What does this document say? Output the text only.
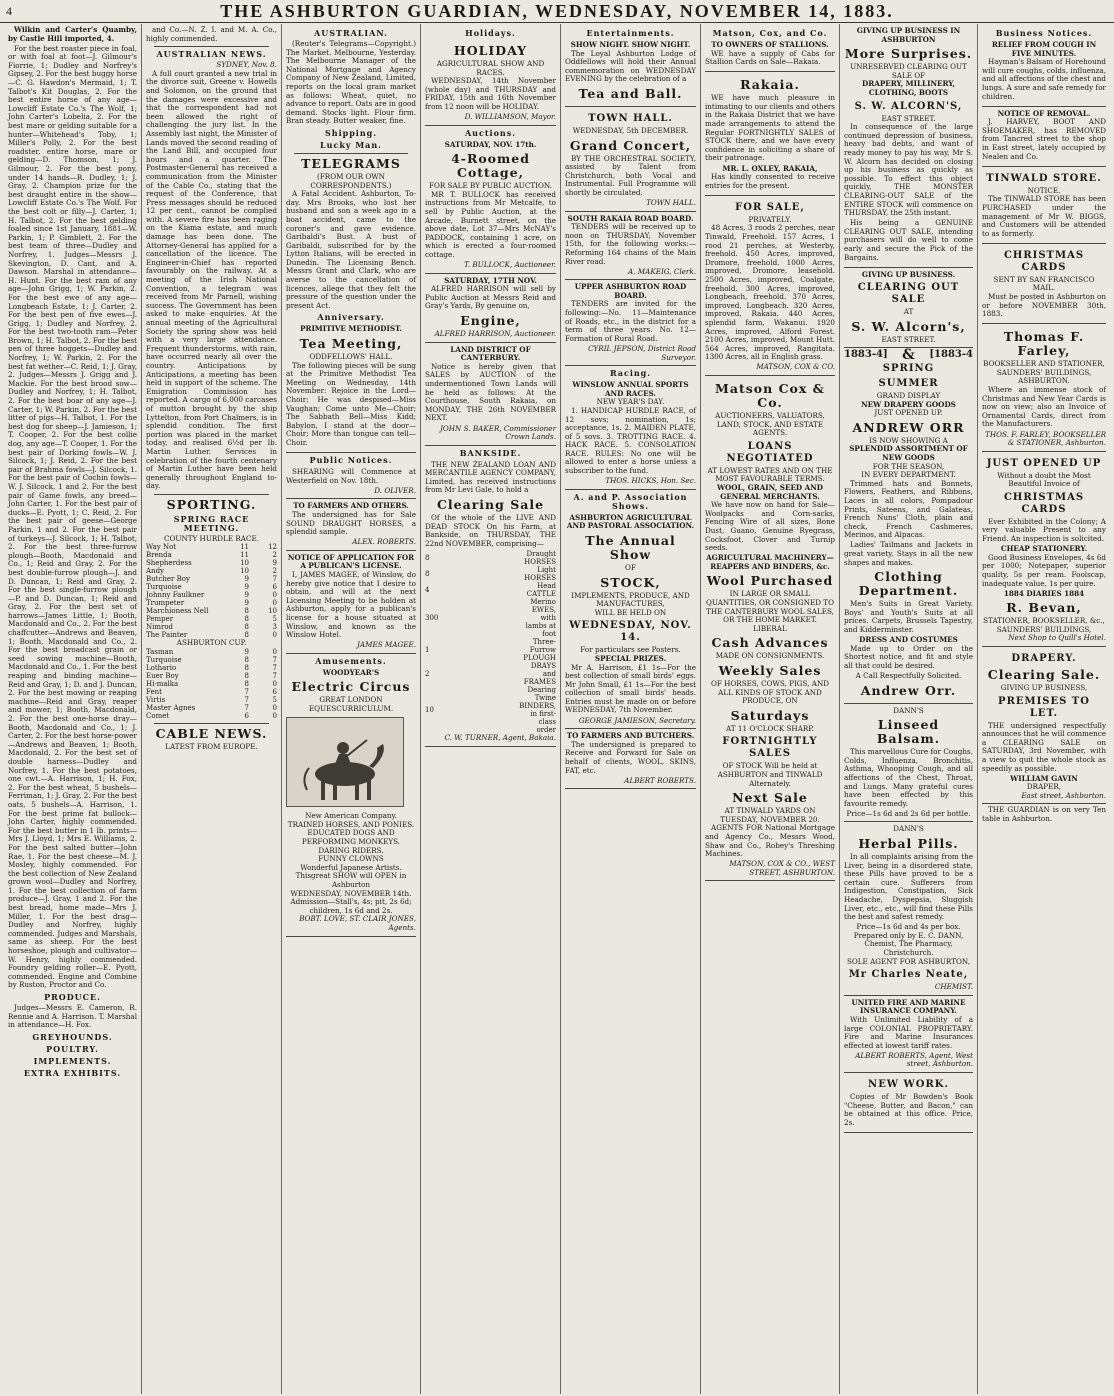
4	THE ASHBURTON GUARDIAN, WEDNESDAY, NOVEMBER 14, 1883.
Wilkin and Carter's Quamby, by Castle Hill imported, 4.
For the best roaster piece in foal, or with foal at foot—J. Gilmour's Fiorrie, 1; Dudley and Norfrey's Gipsey, 2. For the best buggy horse—C. G. Hawdon's Mermaid, 1; T. Talbot's Kit Douglas, 2. For the best entire horse of any age—Lowcliff Estate Co.'s The Wolf, 1; John Carter's Lobelia, 2. For the best mare or gelding suitable for a hunter—Whitehead's Toby, 1; Miller's Polly, 2. For the best roadster, entire horse, mare or gelding—D. Thomson, 1; J. Gilmour, 2. For the best pony, under 14 hands—R. Dudley, 1; J. Gray, 2. Champion prize for the best draught entire in the show—Lowcliff Estate Co.'s The Wolf. For the best colt or filly—J. Carter, 1; H. Talbot, 2. For the best gelding foaled since 1st January, 1881—W. Parkin, 1; P. Gimblett, 2. For the best team of three—Dudley and Norfrey, 1. Judges—Messrs J. Skevington, D. Cant, and A. Dawson. Marshal in attendance—H. Hunt. For the best ram of any age—John Grigg, 1; W. Parkin, 2. For the best ewe of any age—Longbeach Estate, 1; J. Carter, 2. For the best pen of five ewes—J. Grigg, 1; Dudley and Norfrey, 2. For the best two-tooth ram—Peter Brown, 1; H. Talbot, 2. For the best pen of three hoggets—Dudley and Norfrey, 1; W. Parkin, 2. For the best fat wether—C. Reid, 1; J. Gray, 2. Judges—Messrs J. Grigg and J. Mackie. For the best brood sow—Dudley and Norfrey, 1; H. Talbot, 2. For the best boar of any age—J. Carter, 1; W. Parkin, 2. For the best litter of pigs—H. Talbot, 1. For the best dog for sheep—J. Jamieson, 1; T. Cooper, 2. For the best collie dog, any age—T. Cooper, 1. For the best pair of Dorking fowls—W. J. Silcock, 1; J. Reid, 2. For the best pair of Brahma fowls—J. Silcock, 1. For the best pair of Cochin fowls—W. J. Silcock, 1 and 2. For the best pair of Game fowls, any breed—John Carter, 1. For the best pair of ducks—E. Pyott, 1; C. Reid, 2. For the best pair of geese—George Parkin, 1 and 2. For the best pair of turkeys—J. Silcock, 1; H. Talbot, 2. For the best three-furrow plough—Booth, Macdonald and Co., 1; Reid and Gray, 2. For the best double-furrow plough—J. and D. Duncan, 1; Reid and Gray, 2. For the best single-furrow plough—P. and D. Duncan, 1; Reid and Gray, 2. For the best set of harrows—James Little, 1; Booth, Macdonald and Co., 2. For the best chaffcutter—Andrews and Beaven, 1; Booth, Macdonald and Co., 2. For the best broadcast grain or seed sowing machine—Booth, Macdonald and Co., 1. For the best reaping and binding machine—Reid and Gray, 1; D. and J. Duncan, 2. For the best mowing or reaping machine—Reid and Gray, reaper and mower, 1; Booth, Macdonald, 2. For the best one-horse dray—Booth, Macdonald and Co., 1; J. Carter, 2. For the best horse-power—Andrews and Beaven, 1; Booth, Macdonald, 2. For the best set of double harness—Dudley and Norfrey, 1. For the best potatoes, one cwt.—A. Harrison, 1; H. Fox, 2. For the best wheat, 5 bushels—Ferriman, 1; J. Gray, 2. For the best oats, 5 bushels—A. Harrison, 1. For the best prime fat bullock—John Carter, highly commended. For the best butter in 1 lb. prints—Mrs J. Lloyd, 1; Mrs E. Williams, 2. For the best salted butter—John Rae, 1. For the best cheese—M. J. Mosley, highly commended. For the best collection of New Zealand grown wool—Dudley and Norfrey, 1. For the best collection of farm produce—J. Gray, 1 and 2. For the best bread, home made—Mrs J. Miller, 1. For the best drag—Dudley and Norfrey, highly commended. Judges and Marshals, same as sheep. For the best horseshoe, plough and cultivator—W. Henry, highly commended. Foundry gelding roller—E. Pyott, commended. Engine and Combine by Ruston, Proctor and Co.
PRODUCE.
Judges—Messrs E. Cameron, R. Rennie and A. Harrison. T. Marshal in attendance—H. Fox.
GREYHOUNDS.
POULTRY.
IMPLEMENTS.
EXTRA EXHIBITS.
and Co.—N. Z. I. and M. A. Co., highly commended.
AUSTRALIAN NEWS.
SYDNEY, Nov. 8.
A full court granted a new trial in the divorce suit, Greene v. Howells and Solomon, on the ground that the damages were excessive and that the correspondent had not been allowed the right of challenging the jury list. In the Assembly last night, the Minister of Lands moved the second reading of the Land Bill, and occupied four hours and a quarter. The Postmaster-General has received a communication from the Minister of the Cable Co., stating that the request of the Conference, that Press messages should be reduced 12 per cent., cannot be complied with. A severe fire has been raging on the Kiama estate, and much damage has been done. The Attorney-General has applied for a cancellation of the licence. The Engineer-in-Chief has reported favourably on the railway. At a meeting of the Irish National Convention, a telegram was received from Mr Parnell, wishing success. The Government has been asked to make enquiries. At the annual meeting of the Agricultural Society the spring show was held with a very large attendance. Frequent thunderstorms, with rain, have occurred nearly all over the country. Anticipations by Anticipations, a meeting has been held in support of the scheme. The Emigration Commission has reported. A cargo of 6,000 carcases of mutton brought by the ship Lyttelton, from Port Chalmers, is in splendid condition. The first portion was placed in the market today, and realised 6½d per lb. Martin Luther. Services in celebration of the fourth centenary of Martin Luther have been held generally throughout England to-day.
SPORTING.
SPRING RACE MEETING.
COUNTY HURDLE RACE.
Way Not	11	12
Brenda	11	2
Shepherdess	10	9
Andy	10	2
Butcher Boy	9	7
Turquoise	9	6
Johnny Faulkner	9	0
Trumpeter	9	0
Marchioness Nell	8	10
Pemper	8	5
Nimrod	8	3
The Painter	8	0
ASHBURTON CUP.
Tasman	9	0
Turquoise	8	7
Lothario	8	7
Euer Boy	8	7
Hi-malka	8	0
Fent	7	6
Virtis	7	5
Master Agnes	7	0
Comet	6	0
CABLE NEWS.
LATEST FROM EUROPE.
AUSTRALIAN.
(Reuter's Telegrams—Copyright.) The Market. Melbourne, Yesterday. The Melbourne Manager of the National Mortgage and Agency Company of New Zealand, Limited, reports on the local grain market as follows: Wheat, quiet, no advance to report. Oats are in good demand. Stocks light. Flour firm. Bran steady. Butter weaker, fine.
Shipping.
Lucky Man.
TELEGRAMS
(FROM OUR OWN CORRESPONDENTS.)
A Fatal Accident. Ashburton, To-day. Mrs Brooks, who lost her husband and son a week ago in a boat accident, came to the coroner's and gave evidence. Garibaldi's Bust. A bust of Garibaldi, subscribed for by the Lytton Italians, will be erected in Dunedin. The Licensing Bench. Messrs Grant and Clark, who are averse to the cancellation of licences, allege that they felt the pressure of the question under the present Act.
Anniversary.
PRIMITIVE METHODIST.
Tea Meeting,
ODDFELLOWS' HALL.
The following pieces will be sung at the Primitive Methodist Tea Meeting on Wednesday, 14th November: Rejoice in the Lord—Choir; He was despised—Miss Vaughan; Come unto Me—Choir; The Sabbath Bell—Miss Kidd; Babylon, I stand at the door—Choir; More than tongue can tell—Choir.
Public Notices.
SHEARING will Commence at Westerfield on Nov. 18th.
D. OLIVER.
TO FARMERS AND OTHERS.
The undersigned has for Sale SOUND DRAUGHT HORSES, a splendid sample.
ALEX. ROBERTS.
NOTICE OF APPLICATION FOR A PUBLICAN'S LICENSE.
I, JAMES MAGEE, of Winslow, do hereby give notice that I desire to obtain, and will at the next Licensing Meeting to be holden at Ashburton, apply for a publican's license for a house situated at Winslow, and known as the Winslow Hotel.
JAMES MAGEE.
Amusements.
WOODYEAR'S
Electric Circus
GREAT LONDON EQUESCURRICULUM.
New American Company.
TRAINED HORSES, AND PONIES.
EDUCATED DOGS AND PERFORMING MONKEYS.
DARING RIDERS.
FUNNY CLOWNS
Wonderful Japanese Artists.
Thisgreat SHOW will OPEN in Ashburton
WEDNESDAY, NOVEMBER 14th.
Admission—Stall's, 4s; pit, 2s 6d; children, 1s 6d and 2s.
BOBT. LOVE, ST. CLAIR JONES, Agents.
Holidays.
HOLIDAY
AGRICULTURAL SHOW AND RACES.
WEDNESDAY, 14th November (whole day) and THURSDAY and FRIDAY, 15th and 16th November from 12 noon will be HOLIDAY.
D. WILLIAMSON, Mayor.
Auctions.
SATURDAY, NOV. 17th.
4-Roomed Cottage,
FOR SALE BY PUBLIC AUCTION.
MR T. BULLOCK has received instructions from Mr Metcalfe, to sell by Public Auction, at the Arcade, Burnett street, on the above date, Lot 37—Mrs McNAY's PADDOCK, containing 1 acre, on which is erected a four-roomed cottage.
T. BULLOCK, Auctioneer.
SATURDAY, 17TH NOV.
ALFRED HARRISON will sell by Public Auction at Messrs Reid and Gray's Yards, By genuine on,
Engine,
ALFRED HARRISON, Auctioneer.
LAND DISTRICT OF CANTERBURY.
Notice is hereby given that SALES by AUCTION of the undermentioned Town Lands will be held as follows: At the Courthouse, South Rakaia, on MONDAY, THE 26th NOVEMBER NEXT.
JOHN S. BAKER, Commissioner Crown Lands.
BANKSIDE.
THE NEW ZEALAND LOAN AND MERCANTILE AGENCY COMPANY, Limited, has received instructions from Mr Levi Gale, to hold a
Clearing Sale
Of the whole of the LIVE AND DEAD STOCK On his Farm, at Bankside, on THURSDAY, THE 22nd NOVEMBER, comprising—
8	Draught HORSES
8	Light HORSES
4	Head CATTLE
300	Merino EWES, with lambs at foot
1	Three-Furrow PLOUGH
2	DRAYS and FRAMES
10	Dearing Twine BINDERS, in first-class order
C. W. TURNER, Agent, Bakaia.
Entertainments.
SHOW NIGHT. SHOW NIGHT.
The Loyal Ashburton Lodge of Oddfellows will hold their Annual commemoration on WEDNESDAY EVENING by the celebration of a
Tea and Ball.
TOWN HALL.
WEDNESDAY, 5th DECEMBER.
Grand Concert,
BY THE ORCHESTRAL SOCIETY, assisted by Talent from Christchurch, both Vocal and Instrumental. Full Programme will shortly be circulated.
TOWN HALL.
SOUTH RAKAIA ROAD BOARD.
TENDERS will be received up to noon on THURSDAY, November 15th, for the following works:—Reforming 164 chains of the Main River road.
A. MAKEIG, Clerk.
UPPER ASHBURTON ROAD BOARD.
TENDERS are invited for the following:—No. 11—Maintenance of Roads, etc., in the district for a term of three years. No. 12—Formation of Rural Road.
CYRIL JEPSON, District Road Surveyor.
Racing.
WINSLOW ANNUAL SPORTS AND RACES.
NEW YEAR'S DAY.
1. HANDICAP HURDLE RACE, of 12 sovs; nomination, 1s; acceptance, 1s. 2. MAIDEN PLATE, of 5 sovs. 3. TROTTING RACE. 4. HACK RACE. 5. CONSOLATION RACE. RULES: No one will be allowed to enter a horse unless a subscriber to the fund.
THOS. HICKS, Hon. Sec.
A. and P. Association Shows.
ASHBURTON AGRICULTURAL AND PASTORAL ASSOCIATION.
The Annual Show
OF
STOCK,
IMPLEMENTS, PRODUCE, AND MANUFACTURES,
WILL BE HELD ON
WEDNESDAY, NOV. 14.
For particulars see Posters.
SPECIAL PRIZES.
Mr A. Harrison, £1 1s—For the best collection of small birds' eggs. Mr John Small, £1 1s—For the best collection of small birds' heads. Entries must be made on or before WEDNESDAY, 7th November.
GEORGE JAMIESON, Secretary.
TO FARMERS AND BUTCHERS.
The undersigned is prepared to Receive and Forward for Sale on behalf of clients, WOOL, SKINS, FAT, etc.
ALBERT ROBERTS.
Matson, Cox, and Co.
TO OWNERS OF STALLIONS.
WE have a supply of Cabs for Stallion Cards on Sale—Rakaia.
Rakaia.
WE have much pleasure in intimating to our clients and others in the Rakaia District that we have made arrangements to attend the Regular FORTNIGHTLY SALES of STOCK there, and we have every confidence in soliciting a share of their patronage.
MR. L. OXLEY, RAKAIA,
Has kindly consented to receive entries for the present.
FOR SALE,
PRIVATELY.
48 Acres, 3 roods 2 perches, near Tinwald, Freehold. 157 Acres, 1 rood 21 perches, at Westerby, freehold. 450 Acres, improved, Dromore, freehold. 1000 Acres, improved, Dromore, leasehold. 2500 Acres, improved, Coalgate, freehold. 300 Acres, improved, Longbeach, freehold. 370 Acres, improved, Longbeach. 320 Acres, improved, Rakaia. 440 Acres, splendid farm, Wakanui. 1920 Acres, improved, Alford Forest. 2100 Acres, improved, Mount Hutt. 564 Acres, improved, Rangitata. 1300 Acres, all in English grass.
MATSON, COX & CO.
Matson Cox & Co.
AUCTIONEERS, VALUATORS, LAND, STOCK, AND ESTATE AGENTS.
LOANS NEGOTIATED
AT LOWEST RATES AND ON THE MOST FAVOURABLE TERMS.
WOOL, GRAIN, SEED AND GENERAL MERCHANTS.
We have now on hand for Sale—Woolpacks and Corn-sacks, Fencing Wire of all sizes, Bone Dust, Guano, Genuine Ryegrass, Cocksfoot, Clover and Turnip seeds.
AGRICULTURAL MACHINERY—REAPERS AND BINDERS, &c.
Wool Purchased
IN LARGE OR SMALL QUANTITIES, OR CONSIGNED TO THE CANTERBURY WOOL SALES, OR THE HOME MARKET.
LIBERAL
Cash Advances
MADE ON CONSIGNMENTS.
Weekly Sales
OF HORSES, COWS, PIGS, AND ALL KINDS OF STOCK AND PRODUCE, ON
Saturdays
AT 11 O'CLOCK SHARP.
FORTNIGHTLY SALES
OF STOCK Will be held at ASHBURTON and TINWALD Alternately.
Next Sale
AT TINWALD YARDS ON TUESDAY, NOVEMBER 20.
AGENTS FOR National Mortgage and Agency Co., Messrs Wood, Shaw and Co., Robey's Threshing Machines.
MATSON, COX & CO., WEST STREET, ASHBURTON.
GIVING UP BUSINESS IN ASHBURTON
More Surprises.
UNRESERVED CLEARING OUT SALE OF
DRAPERY, MILLINERY, CLOTHING, BOOTS
S. W. ALCORN'S,
EAST STREET.
In consequence of the large continued depression of business, heavy bad debts, and want of ready money to pay his way, Mr S. W. Alcorn has decided on closing up his business as quickly as possible. To effect this object quickly, THE MONSTER CLEARING-OUT SALE of the ENTIRE STOCK will commence on THURSDAY, the 25th instant.
His being a GENUINE CLEARING OUT SALE, intending purchasers will do well to come early and secure the Pick of the Bargains.
GIVING UP BUSINESS.
CLEARING OUT SALE
AT
S. W. Alcorn's,
EAST STREET.
1883-4] & [1883-4
SPRING
SUMMER
GRAND DISPLAY
NEW DRAPERY GOODS
JUST OPENED UP.
ANDREW ORR
IS NOW SHOWING A
SPLENDID ASSORTMENT OF NEW GOODS
FOR THE SEASON,
IN EVERY DEPARTMENT.
Trimmed hats and Bonnets, Flowers, Feathers, and Ribbons, Laces in all colors, Pompadour Prints, Sateens, and Galateas, French Nuns' Cloth, plain and check, French Cashmeres, Merinos, and Alpacas.
Ladies' Tailmans and Jackets in great variety, Stays in all the new shapes and makes.
Clothing Department.
Men's Suits in Great Variety. Boys' and Youth's Suits at all prices. Carpets, Brussels Tapestry, and Kidderminster.
DRESS AND COSTUMES
Made up to Order on the Shortest notice, and fit and style all that could be desired.
A Call Respectfully Solicited.
Andrew Orr.
DANN'S
Linseed Balsam.
This marvellous Cure for Coughs, Colds, Influenza, Bronchitis, Asthma, Whooping Cough, and all affections of the Chest, Throat, and Lungs. Many grateful cures have been effected by this favourite remedy.
Price—1s 6d and 2s 6d per bottle.
DANN'S
Herbal Pills.
In all complaints arising from the Liver, being in a disordered state, these Pills have proved to be a certain cure. Sufferers from Indigestion, Constipation, Sick Headache, Dyspepsia, Sluggish Liver, etc., etc., will find these Pills the best and safest remedy.
Price—1s 6d and 4s per box.
Prepared only by E. C. DANN, Chemist, The Pharmacy, Christchurch.
SOLE AGENT FOR ASHBURTON,
Mr Charles Neate,
CHEMIST.
UNITED FIRE AND MARINE INSURANCE COMPANY.
With Unlimited Liability of a large COLONIAL PROPRIETARY. Fire and Marine Insurances effected at lowest tariff rates.
ALBERT ROBERTS, Agent, West street, Ashburton.
NEW WORK.
Copies of Mr Bowden's Book "Cheese, Butter, and Bacon," can be obtained at this office. Price, 2s.
Business Notices.
RELIEF FROM COUGH IN FIVE MINUTES.
Hayman's Balsam of Horehound will cure coughs, colds, influenza, and all affections of the chest and lungs. A sure and safe remedy for children.
NOTICE OF REMOVAL.
J. HARVEY, BOOT AND SHOEMAKER, has REMOVED from Tancred street to the shop in East street, lately occupied by Nealen and Co.
TINWALD STORE.
NOTICE.
The TINWALD STORE has been PURCHASED under the management of Mr W. BIGGS, and Customers will be attended to as formerly.
CHRISTMAS CARDS
SENT BY SAN FRANCISCO MAIL.
Must be posted in Ashburton on or before NOVEMBER 30th, 1883.
Thomas F. Farley,
BOOKSELLER AND STATIONER, SAUNDERS' BUILDINGS, ASHBURTON.
Where an immense stock of Christmas and New Year Cards is now on view; also an Invoice of Ornamental Cards, direct from the Manufacturers.
THOS. F. FARLEY, BOOKSELLER & STATIONER, Ashburton.
JUST OPENED UP
Without a doubt the Most Beautiful Invoice of
CHRISTMAS CARDS
Ever Exhibited in the Colony; A very valuable Present to any Friend. An inspection is solicited.
CHEAP STATIONERY.
Good Business Envelopes, 4s 6d per 1000; Notepaper, superior quality, 5s per ream. Foolscap, inadequate value, 1s per quire.
1884 DIARIES 1884
R. Bevan,
STATIONER, BOOKSELLER, &c., SAUNDERS' BUILDINGS,
Next Shop to Quill's Hotel.
DRAPERY.
Clearing Sale.
GIVING UP BUSINESS,
PREMISES TO LET.
THE undersigned respectfully announces that he will commence a CLEARING SALE on SATURDAY, 3rd November, with a view to quit the whole stock as speedily as possible.
WILLIAM GAVIN
DRAPER,
East street, Ashburton.
THE GUARDIAN is on very Ten table in Ashburton.
